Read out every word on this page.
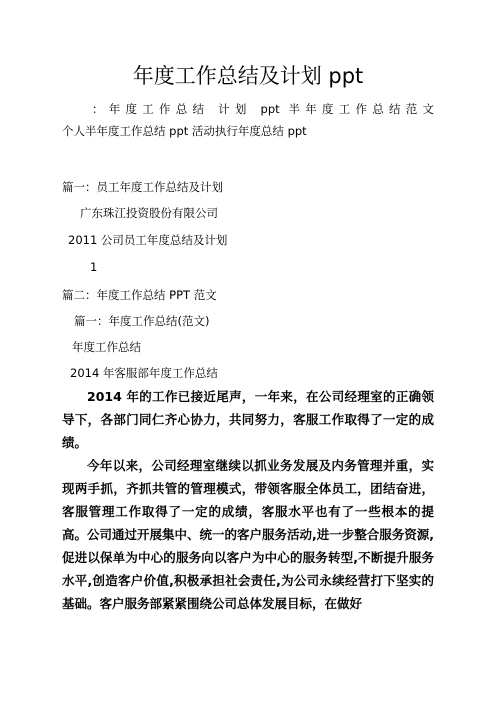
年度工作总结及计划 ppt
：年度工作总结 计划 ppt 半年度工作总结范文
个人半年度工作总结 ppt 活动执行年度总结 ppt
篇一：员工年度工作总结及计划
广东珠江投资股份有限公司
2011 公司员工年度总结及计划
1
篇二：年度工作总结 PPT 范文
篇一：年度工作总结(范文)
年度工作总结
2014 年客服部年度工作总结

2014 年的工作已接近尾声，一年来，在公司经理室的正确领导下，各部门同仁齐心协力，共同努力，客服工作取得了一定的成绩。

今年以来，公司经理室继续以抓业务发展及内务管理并重，实现两手抓，齐抓共管的管理模式，带领客服全体员工，团结奋进，客服管理工作取得了一定的成绩，客服水平也有了一些根本的提高。公司通过开展集中、统一的客户服务活动,进一步整合服务资源,促进以保单为中心的服务向以客户为中心的服务转型,不断提升服务水平,创造客户价值,积极承担社会责任,为公司永续经营打下坚实的基础。客户服务部紧紧围绕公司总体发展目标，在做好
